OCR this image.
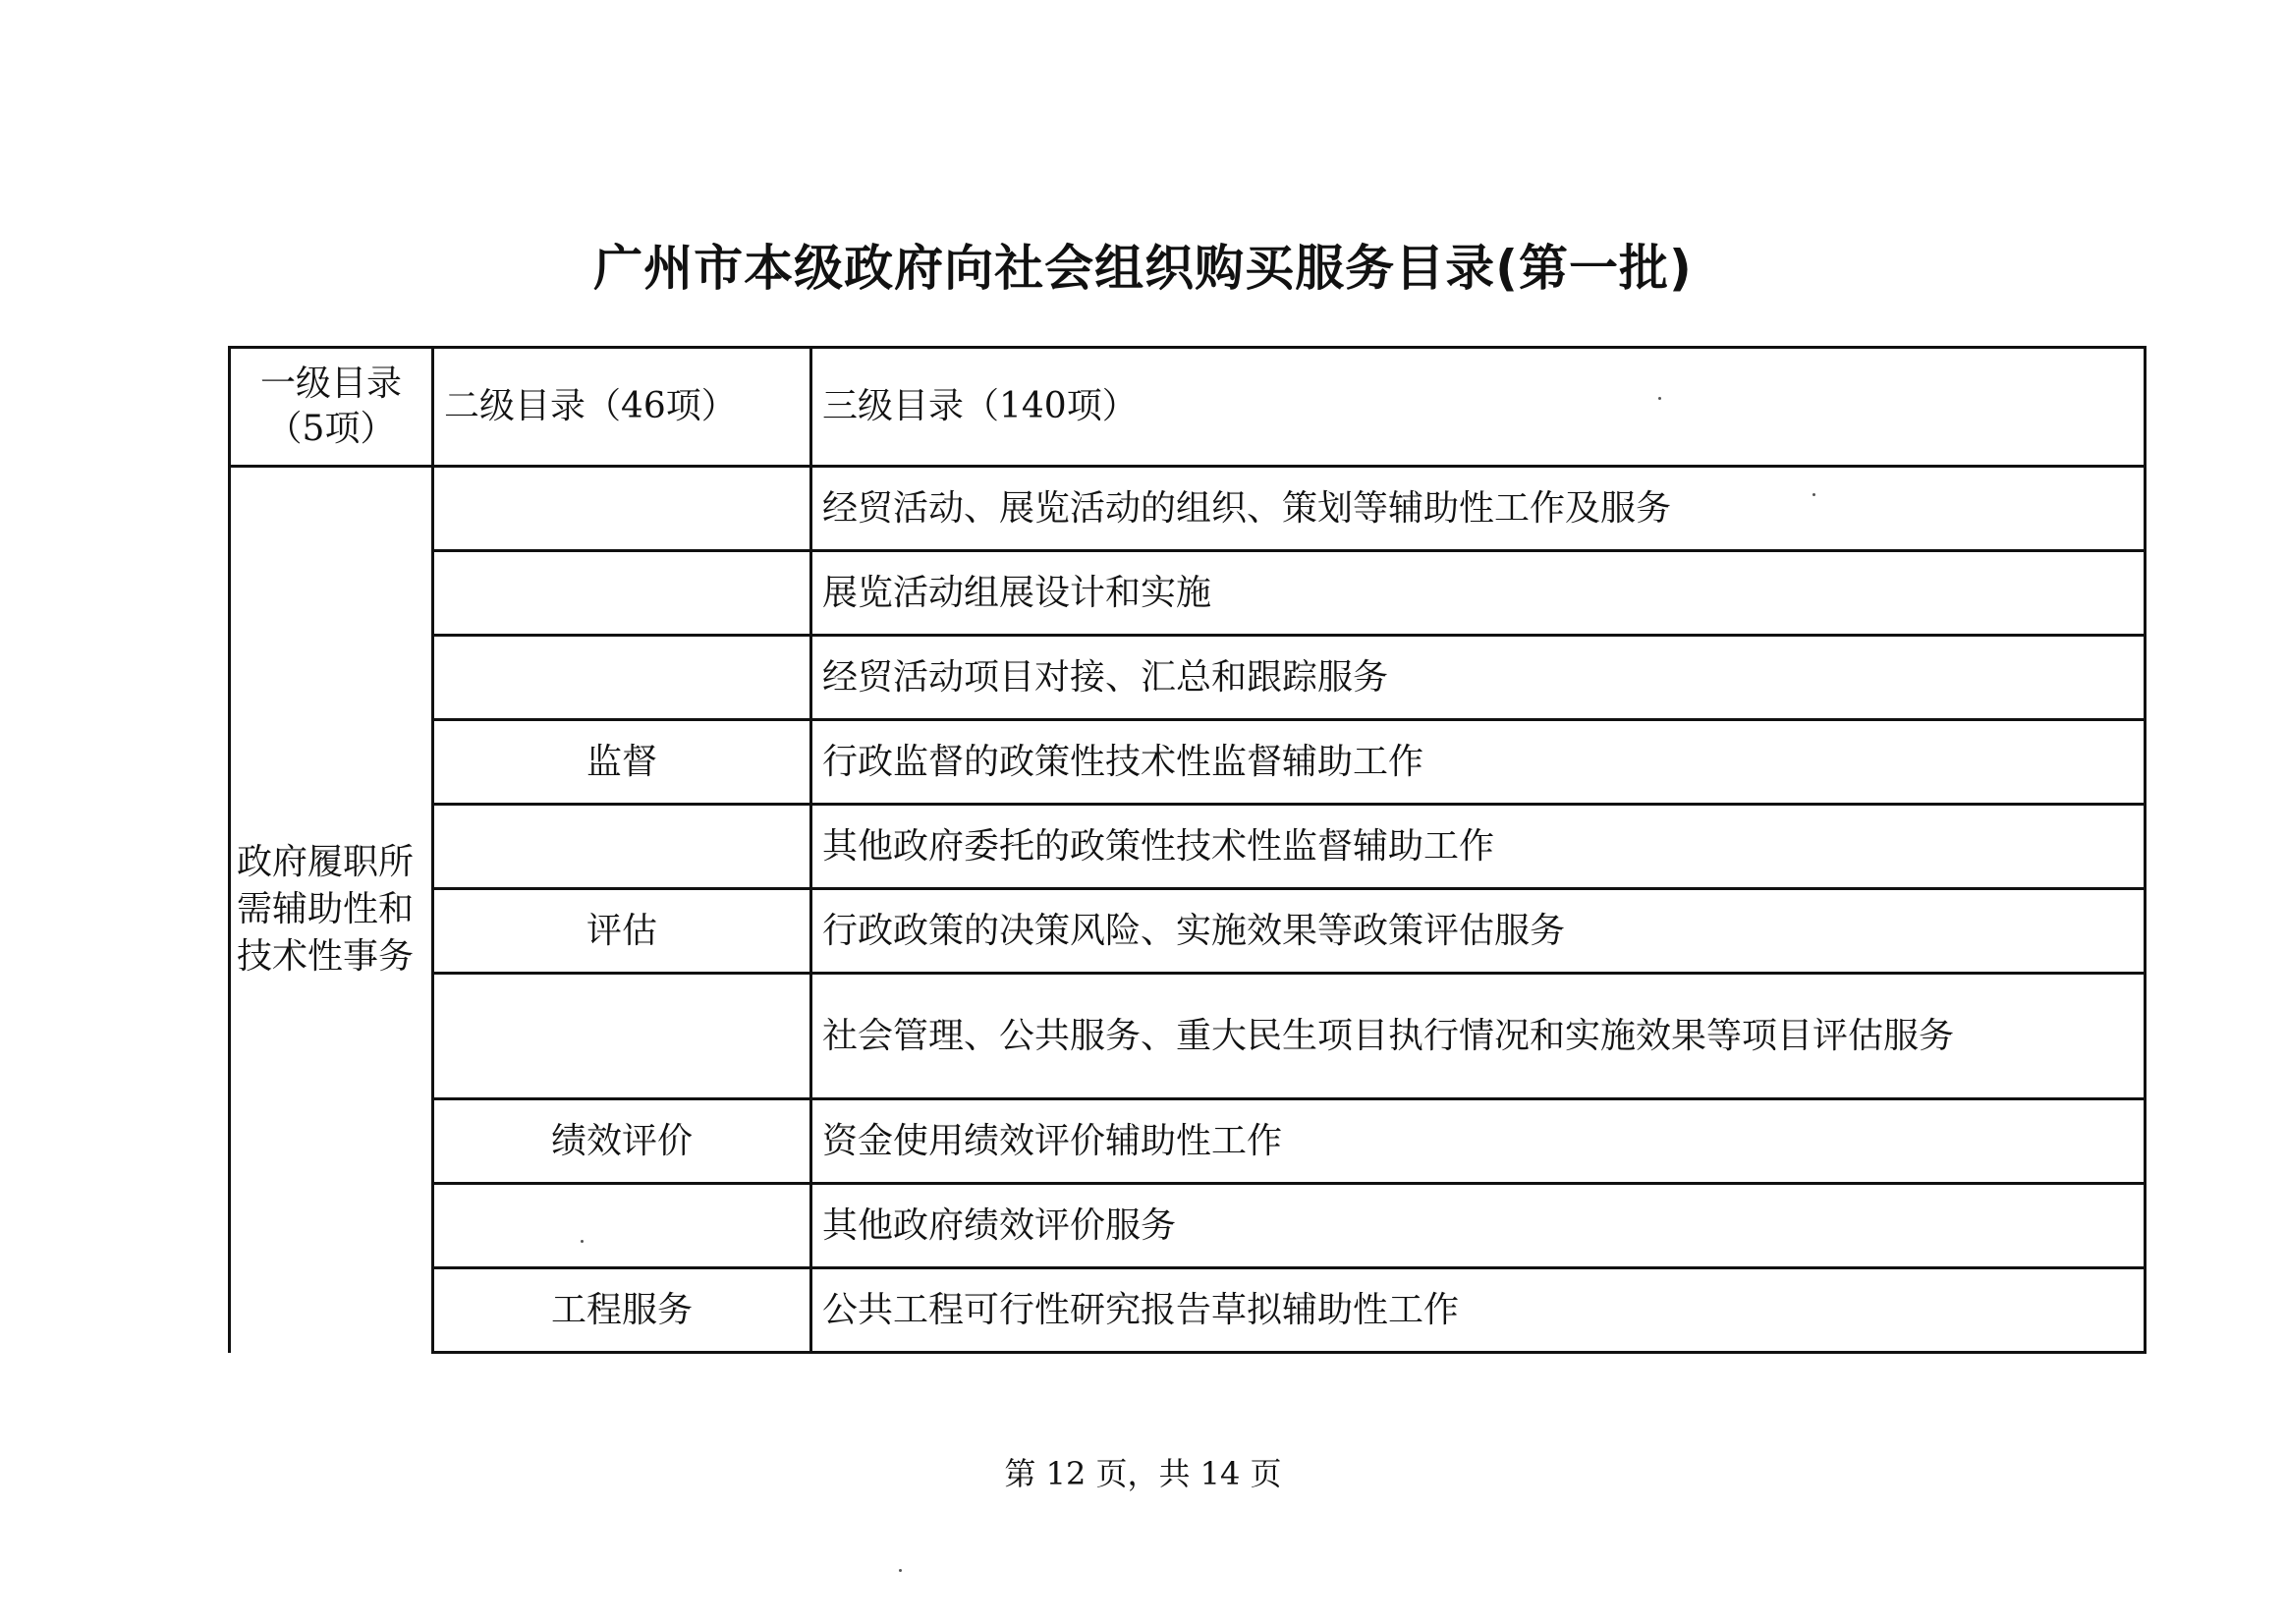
广州市本级政府向社会组织购买服务目录(第一批)
一级目录（5项）	二级目录（46项）	三级目录（140项）
政府履职所需辅助性和技术性事务		经贸活动、展览活动的组织、策划等辅助性工作及服务
		展览活动组展设计和实施
		经贸活动项目对接、汇总和跟踪服务
	监督	行政监督的政策性技术性监督辅助工作
		其他政府委托的政策性技术性监督辅助工作
	评估	行政政策的决策风险、实施效果等政策评估服务
		社会管理、公共服务、重大民生项目执行情况和实施效果等项目评估服务
	绩效评价	资金使用绩效评价辅助性工作
		其他政府绩效评价服务
	工程服务	公共工程可行性研究报告草拟辅助性工作
第 12 页，共 14 页
